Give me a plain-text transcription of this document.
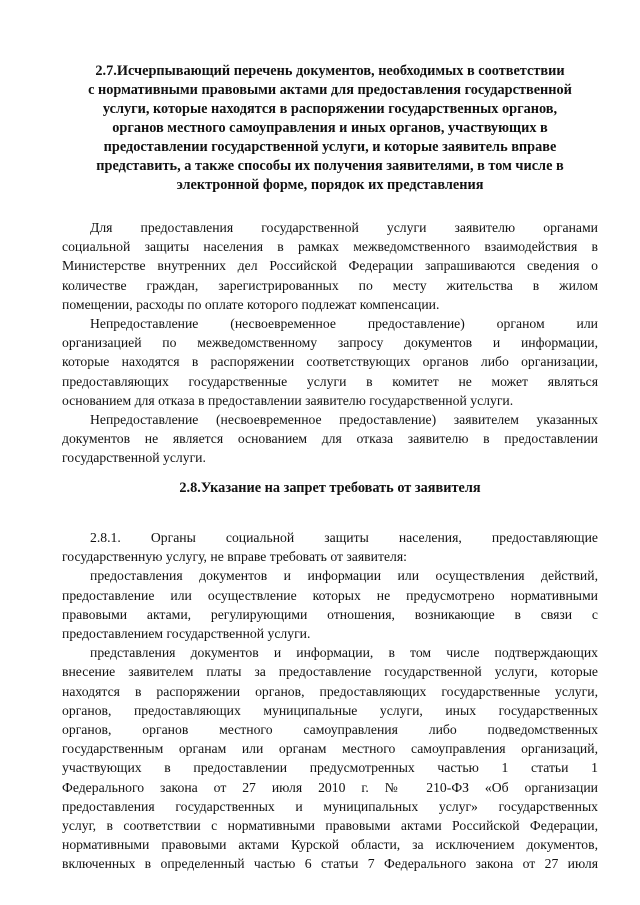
2.7.Исчерпывающий перечень документов, необходимых в соответствии
с нормативными правовыми актами для предоставления государственной
услуги, которые находятся в распоряжении государственных органов,
органов местного самоуправления и иных органов, участвующих в
предоставлении государственной услуги, и которые заявитель вправе
представить, а также способы их получения заявителями, в том числе в
электронной форме, порядок их представления
Для предоставления государственной услуги заявителю органами
социальной защиты населения в рамках межведомственного взаимодействия в
Министерстве внутренних дел Российской Федерации запрашиваются сведения о
количестве граждан, зарегистрированных по месту жительства в жилом
помещении, расходы по оплате которого подлежат компенсации.
Непредоставление (несвоевременное предоставление) органом или
организацией по межведомственному запросу документов и информации,
которые находятся в распоряжении соответствующих органов либо организации,
предоставляющих государственные услуги в комитет не может являться
основанием для отказа в предоставлении заявителю государственной услуги.
Непредоставление (несвоевременное предоставление) заявителем указанных
документов не является основанием для отказа заявителю в предоставлении
государственной услуги.
2.8.Указание на запрет требовать от заявителя
2.8.1. Органы социальной защиты населения, предоставляющие
государственную услугу, не вправе требовать от заявителя:
предоставления документов и информации или осуществления действий,
предоставление или осуществление которых не предусмотрено нормативными
правовыми актами, регулирующими отношения, возникающие в связи с
предоставлением государственной услуги.
представления документов и информации, в том числе подтверждающих
внесение заявителем платы за предоставление государственной услуги, которые
находятся в распоряжении органов, предоставляющих государственные услуги,
органов, предоставляющих муниципальные услуги, иных государственных
органов, органов местного самоуправления либо подведомственных
государственным органам или органам местного самоуправления организаций,
участвующих в предоставлении предусмотренных частью 1 статьи 1
Федерального закона от 27 июля 2010 г. № 210-ФЗ «Об организации
предоставления государственных и муниципальных услуг» государственных
услуг, в соответствии с нормативными правовыми актами Российской Федерации,
нормативными правовыми актами Курской области, за исключением документов,
включенных в определенный частью 6 статьи 7 Федерального закона от 27 июля
